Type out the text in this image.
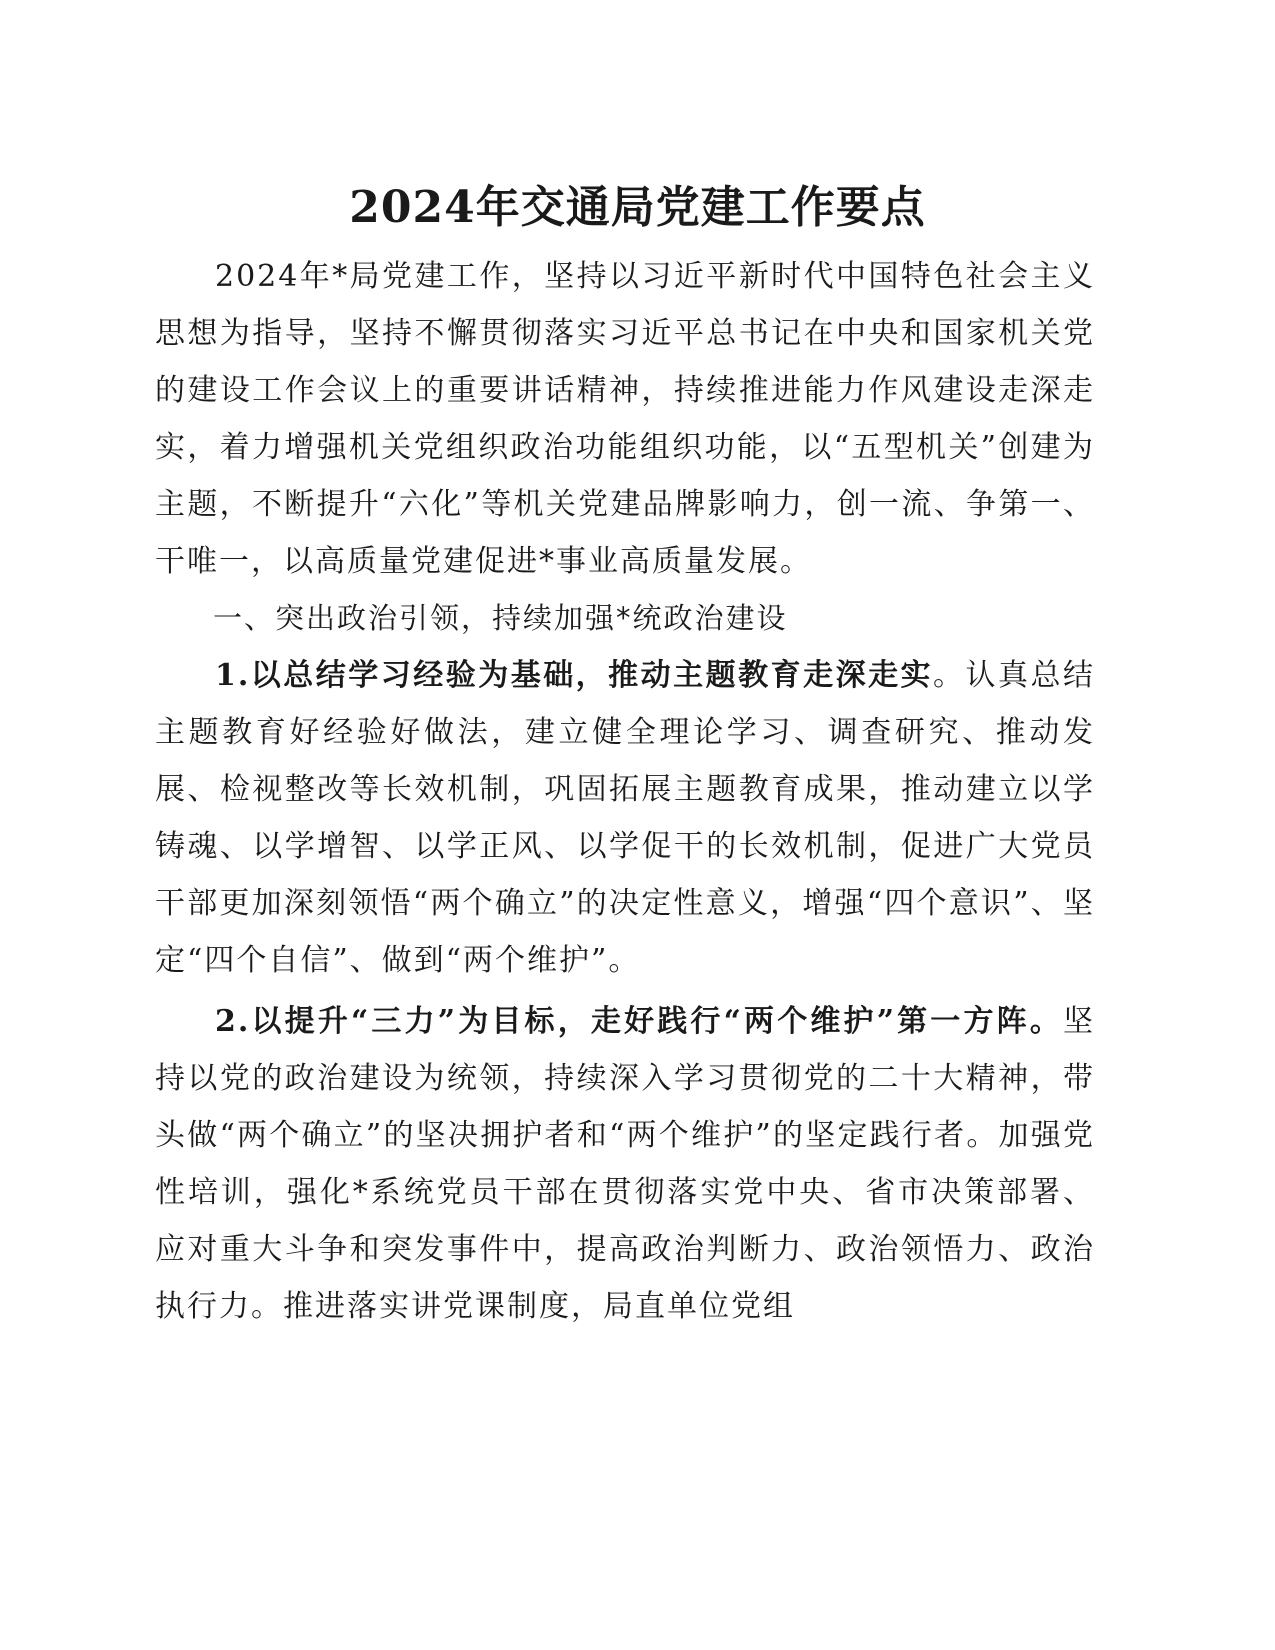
2024年交通局党建工作要点

2024年*局党建工作，坚持以习近平新时代中国特色社会主义思想为指导，坚持不懈贯彻落实习近平总书记在中央和国家机关党的建设工作会议上的重要讲话精神，持续推进能力作风建设走深走实，着力增强机关党组织政治功能组织功能，以“五型机关”创建为主题，不断提升“六化”等机关党建品牌影响力，创一流、争第一、干唯一，以高质量党建促进*事业高质量发展。

一、突出政治引领，持续加强*统政治建设

1.以总结学习经验为基础，推动主题教育走深走实。认真总结主题教育好经验好做法，建立健全理论学习、调查研究、推动发展、检视整改等长效机制，巩固拓展主题教育成果，推动建立以学铸魂、以学增智、以学正风、以学促干的长效机制，促进广大党员干部更加深刻领悟“两个确立”的决定性意义，增强“四个意识”、坚定“四个自信”、做到“两个维护”。

2.以提升“三力”为目标，走好践行“两个维护”第一方阵。坚持以党的政治建设为统领，持续深入学习贯彻党的二十大精神，带头做“两个确立”的坚决拥护者和“两个维护”的坚定践行者。加强党性培训，强化*系统党员干部在贯彻落实党中央、省市决策部署、应对重大斗争和突发事件中，提高政治判断力、政治领悟力、政治执行力。推进落实讲党课制度，局直单位党组
